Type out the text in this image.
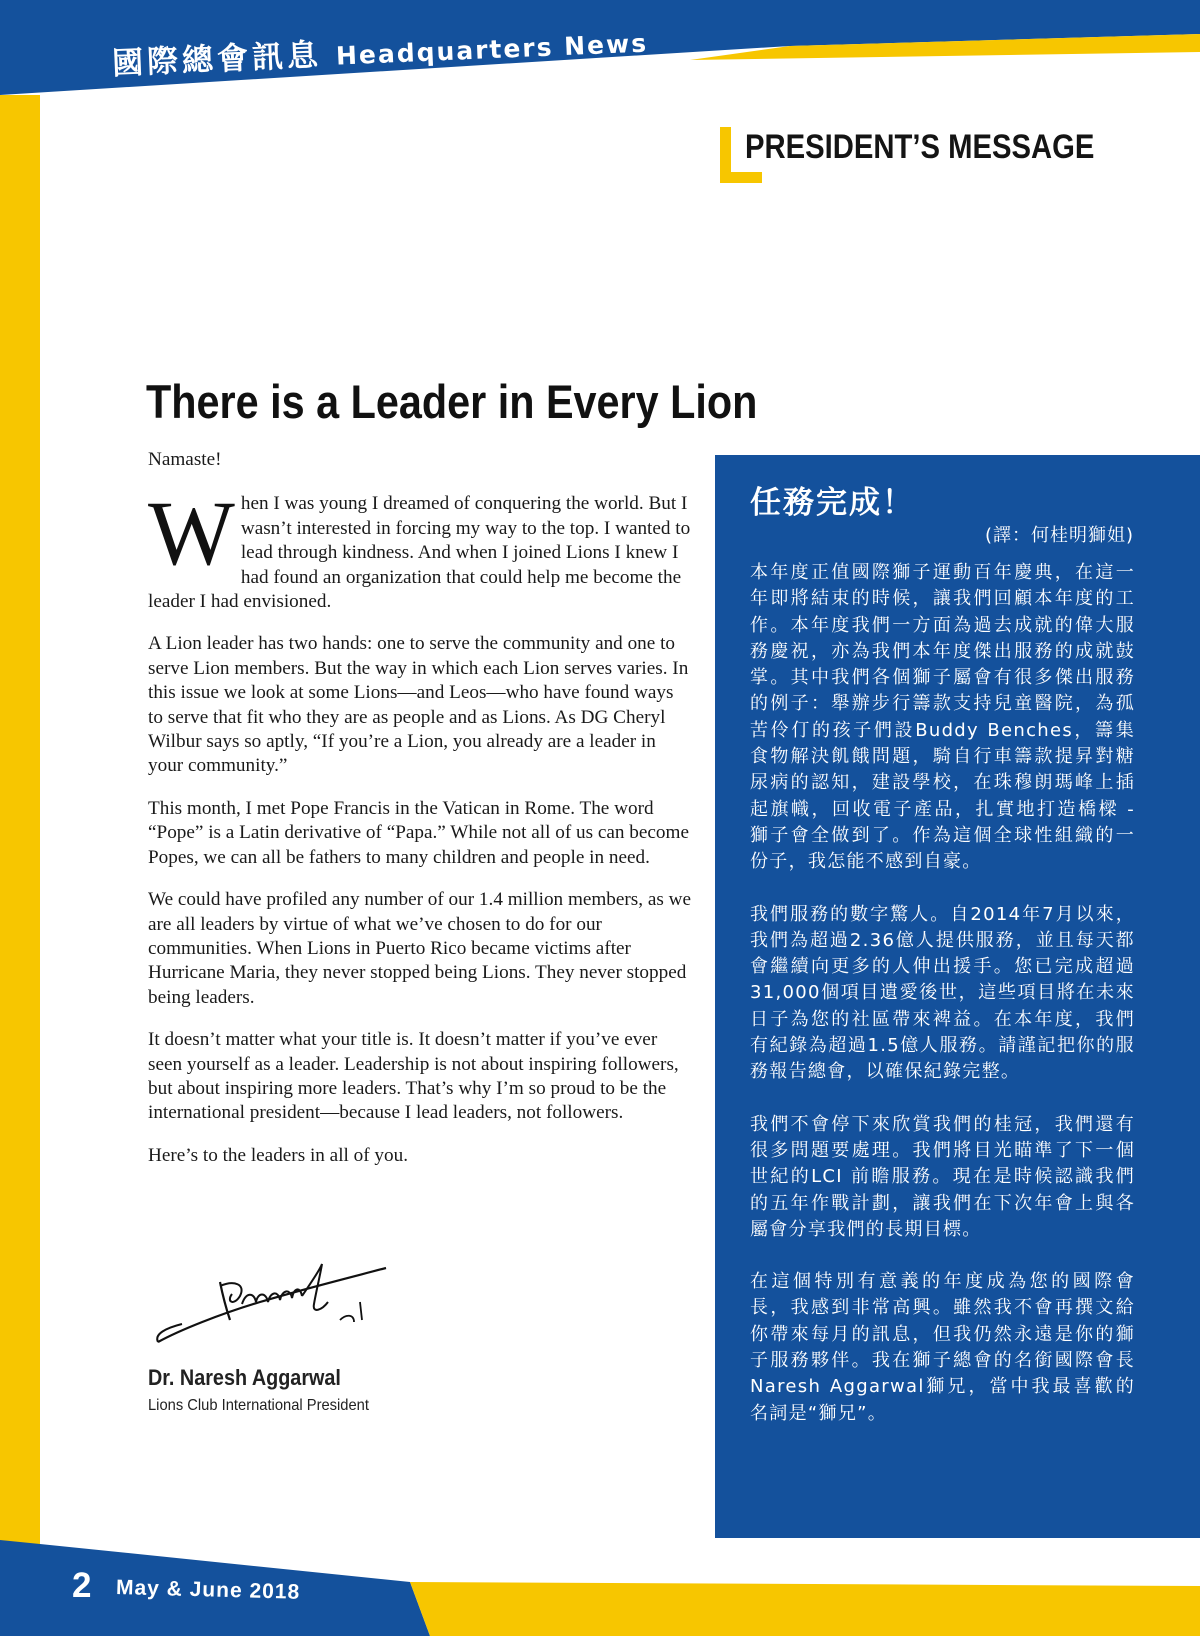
國際總會訊息 Headquarters News
PRESIDENT’S MESSAGE
There is a Leader in Every Lion

Namaste!

When I was young I dreamed of conquering the world. But I wasn’t interested in forcing my way to the top. I wanted to lead through kindness. And when I joined Lions I knew I had found an organization that could help me become the leader I had envisioned.

A Lion leader has two hands: one to serve the community and one to serve Lion members. But the way in which each Lion serves varies. In this issue we look at some Lions—and Leos—who have found ways to serve that fit who they are as people and as Lions. As DG Cheryl Wilbur says so aptly, “If you’re a Lion, you already are a leader in your community.”

This month, I met Pope Francis in the Vatican in Rome. The word “Pope” is a Latin derivative of “Papa.” While not all of us can become Popes, we can all be fathers to many children and people in need.

We could have profiled any number of our 1.4 million members, as we are all leaders by virtue of what we’ve chosen to do for our communities. When Lions in Puerto Rico became victims after Hurricane Maria, they never stopped being Lions. They never stopped being leaders.

It doesn’t matter what your title is. It doesn’t matter if you’ve ever seen yourself as a leader. Leadership is not about inspiring followers, but about inspiring more leaders. That’s why I’m so proud to be the international president—because I lead leaders, not followers.

Here’s to the leaders in all of you.

Dr. Naresh Aggarwal
Lions Club International President
任務完成！
(譯：何桂明獅姐)

本年度正值國際獅子運動百年慶典，在這一年即將結束的時候，讓我們回顧本年度的工作。本年度我們一方面為過去成就的偉大服務慶祝，亦為我們本年度傑出服務的成就鼓掌。其中我們各個獅子屬會有很多傑出服務的例子：舉辦步行籌款支持兒童醫院，為孤苦伶仃的孩子們設Buddy Benches，籌集食物解決飢餓問題，騎自行車籌款提昇對糖尿病的認知，建設學校，在珠穆朗瑪峰上插起旗幟，回收電子產品，扎實地打造橋樑 - 獅子會全做到了。作為這個全球性組織的一份子，我怎能不感到自豪。

我們服務的數字驚人。自2014年7月以來，我們為超過2.36億人提供服務，並且每天都會繼續向更多的人伸出援手。您已完成超過31,000個項目遺愛後世，這些項目將在未來日子為您的社區帶來裨益。在本年度，我們有紀錄為超過1.5億人服務。請謹記把你的服務報告總會，以確保紀錄完整。

我們不會停下來欣賞我們的桂冠，我們還有很多問題要處理。我們將目光瞄準了下一個世紀的LCI 前瞻服務。現在是時候認識我們的五年作戰計劃，讓我們在下次年會上與各屬會分享我們的長期目標。

在這個特別有意義的年度成為您的國際會長，我感到非常高興。雖然我不會再撰文給你帶來每月的訊息，但我仍然永遠是你的獅子服務夥伴。我在獅子總會的名銜國際會長Naresh Aggarwal獅兄，當中我最喜歡的名詞是“獅兄”。

2 May & June 2018
